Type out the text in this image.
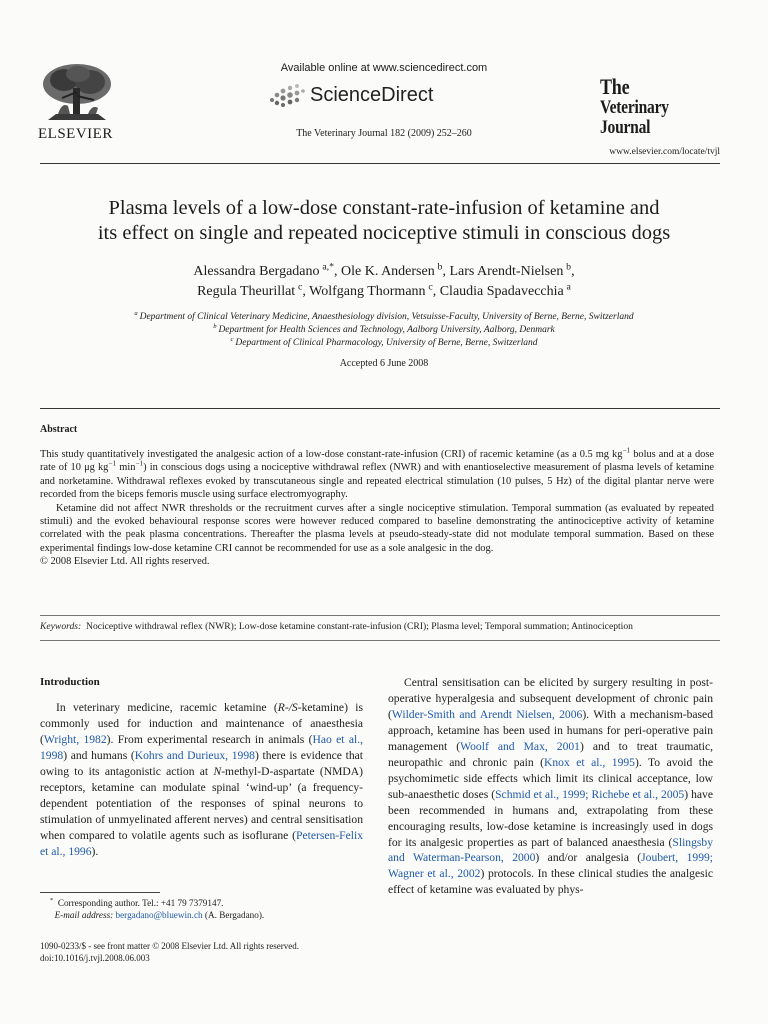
ELSEVIER
Available online at www.sciencedirect.com
ScienceDirect
The Veterinary Journal 182 (2009) 252–260
The
Veterinary Journal
www.elsevier.com/locate/tvjl
Plasma levels of a low-dose constant-rate-infusion of ketamine and
its effect on single and repeated nociceptive stimuli in conscious dogs
Alessandra Bergadano  $^{a,*}$, Ole K. Andersen  $^b$, Lars Arendt-Nielsen  $^b$,
Regula Theurillat  $^c$, Wolfgang Thormann  $^c$, Claudia Spadavecchia  $^a$
$^a$  Department of Clinical Veterinary Medicine, Anaesthesiology division, Vetsuisse-Faculty, University of Berne, Berne, Switzerland
$^b$  Department for Health Sciences and Technology, Aalborg University, Aalborg, Denmark
$^c$  Department of Clinical Pharmacology, University of Berne, Berne, Switzerland
Accepted 6 June 2008
Abstract

This study quantitatively investigated the analgesic action of a low-dose constant-rate-infusion (CRI) of racemic ketamine (as a 0.5 mg $kg^{-1}$ bolus and at a dose rate of 10 μg $kg^{-1}$ $\min^{-1}$) in conscious dogs using a nociceptive withdrawal reflex (NWR) and with enantioselective measurement of plasma levels of ketamine and norketamine. Withdrawal reflexes evoked by transcutaneous single and repeated electrical stimulation (10 pulses, 5 Hz) of the digital plantar nerve were recorded from the biceps femoris muscle using surface electromyography.

Ketamine did not affect NWR thresholds or the recruitment curves after a single nociceptive stimulation. Temporal summation (as evaluated by repeated stimuli) and the evoked behavioural response scores were however reduced compared to baseline demonstrating the antinociceptive activity of ketamine correlated with the peak plasma concentrations. Thereafter the plasma levels at pseudo-steady-state did not modulate temporal summation. Based on these experimental findings low-dose ketamine CRI cannot be recommended for use as a sole analgesic in the dog.

© 2008 Elsevier Ltd. All rights reserved.

Keywords: Nociceptive withdrawal reflex (NWR); Low-dose ketamine constant-rate-infusion (CRI); Plasma level; Temporal summation; Antinociception
Introduction

In veterinary medicine, racemic ketamine (R-/S-ketamine) is commonly used for induction and maintenance of anaesthesia (Wright, 1982). From experimental research in animals (Hao et al., 1998) and humans (Kohrs and Durieux, 1998) there is evidence that owing to its antagonistic action at N-methyl-D-aspartate (NMDA) receptors, ketamine can modulate spinal ‘wind-up’ (a frequency-dependent potentiation of the responses of spinal neurons to stimulation of unmyelinated afferent nerves) and central sensitisation when compared to volatile agents such as isoflurane (Petersen-Felix et al., 1996).

Central sensitisation can be elicited by surgery resulting in post-operative hyperalgesia and subsequent development of chronic pain (Wilder-Smith and Arendt Nielsen, 2006). With a mechanism-based approach, ketamine has been used in humans for peri-operative pain management (Woolf and Max, 2001) and to treat traumatic, neuropathic and chronic pain (Knox et al., 1995). To avoid the psychomimetic side effects which limit its clinical acceptance, low sub-anaesthetic doses (Schmid et al., 1999; Richebe et al., 2005) have been recommended in humans and, extrapolating from these encouraging results, low-dose ketamine is increasingly used in dogs for its analgesic properties as part of balanced anaesthesia (Slingsby and Waterman-Pearson, 2000) and/or analgesia (Joubert, 1999; Wagner et al., 2002) protocols. In these clinical studies the analgesic effect of ketamine was evaluated by phys-

* Corresponding author. Tel.: +41 79 7379147.
E-mail address: bergadano@bluewin.ch (A. Bergadano).
1090-0233/$ - see front matter © 2008 Elsevier Ltd. All rights reserved.
doi:10.1016/j.tvjl.2008.06.003
